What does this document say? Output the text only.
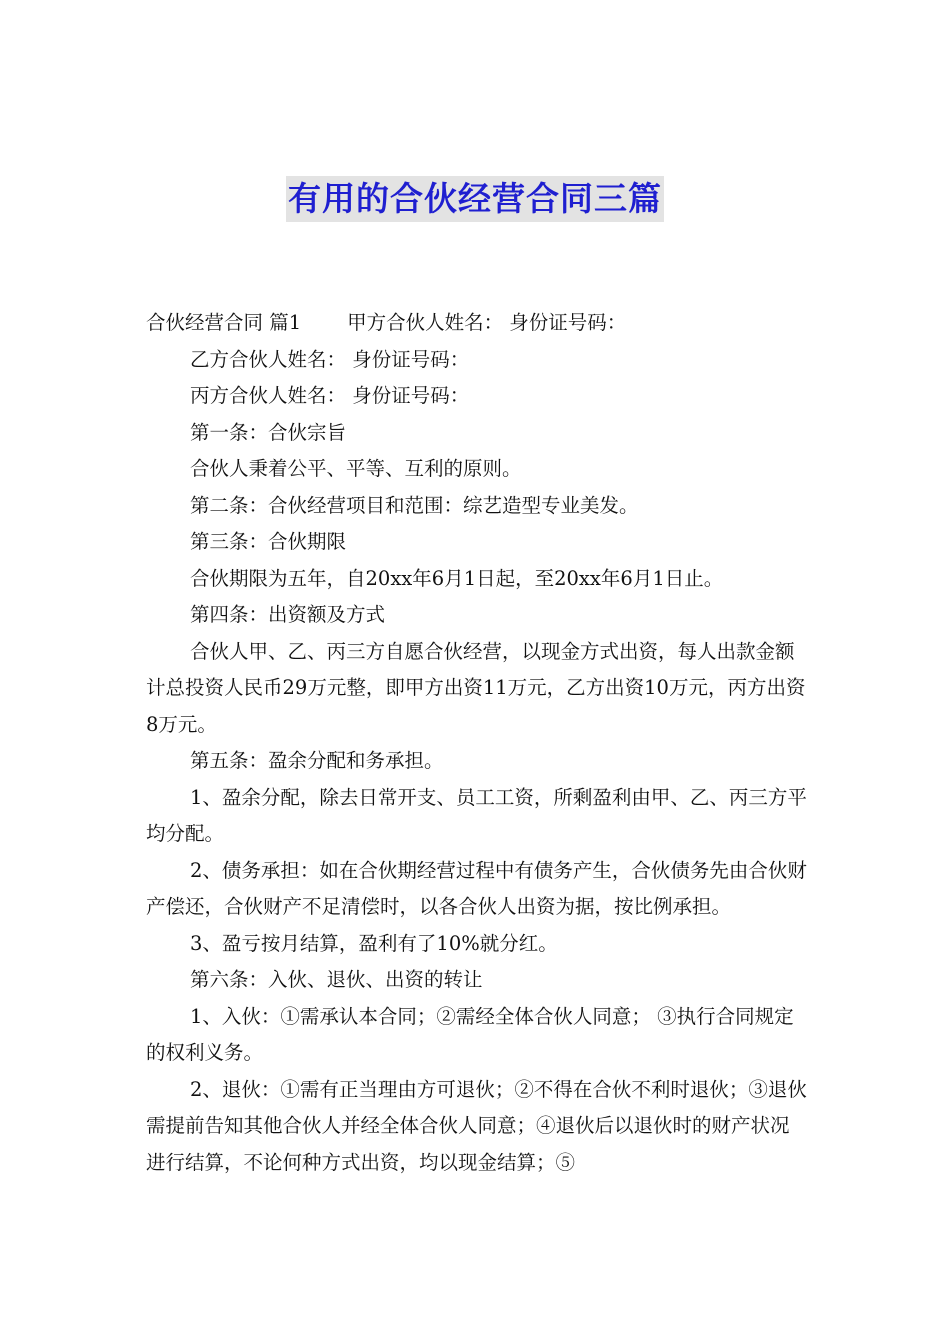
有用的合伙经营合同三篇

合伙经营合同 篇1 甲方合伙人姓名： 身份证号码：

乙方合伙人姓名： 身份证号码：

丙方合伙人姓名： 身份证号码：

第一条：合伙宗旨

合伙人秉着公平、平等、互利的原则。

第二条：合伙经营项目和范围：综艺造型专业美发。

第三条：合伙期限

合伙期限为五年，自20xx年6月1日起，至20xx年6月1日止。

第四条：出资额及方式

合伙人甲、乙、丙三方自愿合伙经营，以现金方式出资，每人出款金额计总投资人民币29万元整，即甲方出资11万元，乙方出资10万元，丙方出资8万元。

第五条：盈余分配和务承担。

1、盈余分配，除去日常开支、员工工资，所剩盈利由甲、乙、丙三方平均分配。

2、债务承担：如在合伙期经营过程中有债务产生，合伙债务先由合伙财产偿还，合伙财产不足清偿时，以各合伙人出资为据，按比例承担。

3、盈亏按月结算，盈利有了10%就分红。

第六条：入伙、退伙、出资的转让

1、入伙：①需承认本合同；②需经全体合伙人同意； ③执行合同规定的权利义务。

2、退伙：①需有正当理由方可退伙；②不得在合伙不利时退伙；③退伙需提前告知其他合伙人并经全体合伙人同意；④退伙后以退伙时的财产状况进行结算，不论何种方式出资，均以现金结算；⑤
